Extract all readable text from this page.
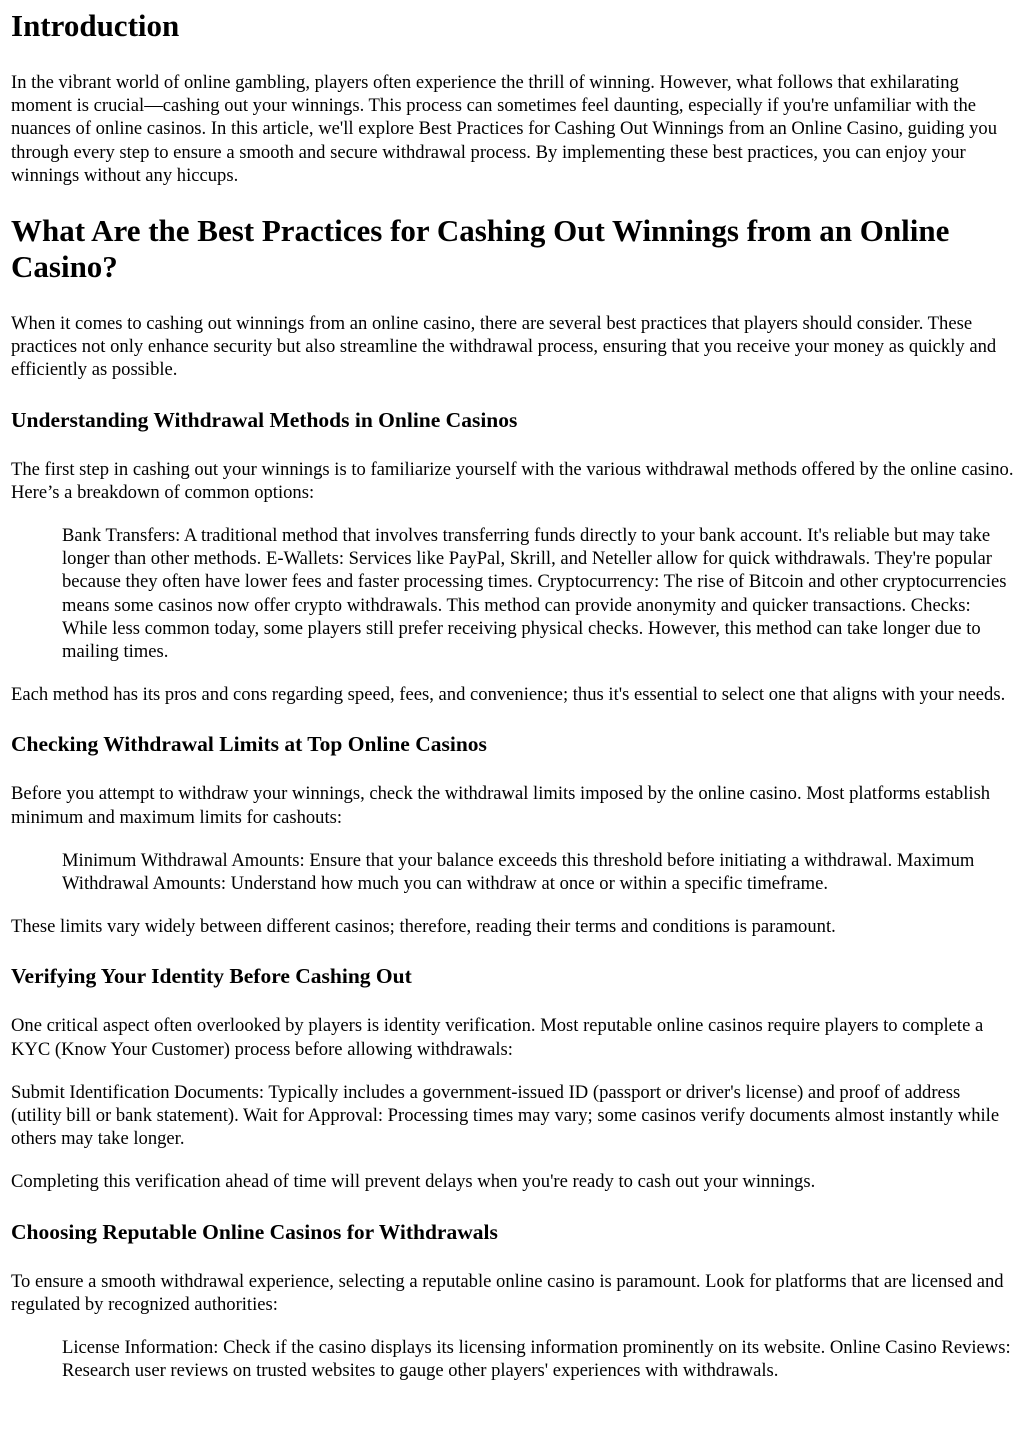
Introduction

In the vibrant world of online gambling, players often experience the thrill of winning. However, what follows that exhilarating moment is crucial—cashing out your winnings. This process can sometimes feel daunting, especially if you're unfamiliar with the nuances of online casinos. In this article, we'll explore Best Practices for Cashing Out Winnings from an Online Casino, guiding you through every step to ensure a smooth and secure withdrawal process. By implementing these best practices, you can enjoy your winnings without any hiccups.

What Are the Best Practices for Cashing Out Winnings from an Online Casino?

When it comes to cashing out winnings from an online casino, there are several best practices that players should consider. These practices not only enhance security but also streamline the withdrawal process, ensuring that you receive your money as quickly and efficiently as possible.

Understanding Withdrawal Methods in Online Casinos

The first step in cashing out your winnings is to familiarize yourself with the various withdrawal methods offered by the online casino. Here’s a breakdown of common options:

Bank Transfers: A traditional method that involves transferring funds directly to your bank account. It's reliable but may take longer than other methods. E-Wallets: Services like PayPal, Skrill, and Neteller allow for quick withdrawals. They're popular because they often have lower fees and faster processing times. Cryptocurrency: The rise of Bitcoin and other cryptocurrencies means some casinos now offer crypto withdrawals. This method can provide anonymity and quicker transactions. Checks: While less common today, some players still prefer receiving physical checks. However, this method can take longer due to mailing times.

Each method has its pros and cons regarding speed, fees, and convenience; thus it's essential to select one that aligns with your needs.

Checking Withdrawal Limits at Top Online Casinos

Before you attempt to withdraw your winnings, check the withdrawal limits imposed by the online casino. Most platforms establish minimum and maximum limits for cashouts:

Minimum Withdrawal Amounts: Ensure that your balance exceeds this threshold before initiating a withdrawal. Maximum Withdrawal Amounts: Understand how much you can withdraw at once or within a specific timeframe.

These limits vary widely between different casinos; therefore, reading their terms and conditions is paramount.

Verifying Your Identity Before Cashing Out

One critical aspect often overlooked by players is identity verification. Most reputable online casinos require players to complete a KYC (Know Your Customer) process before allowing withdrawals:

Submit Identification Documents: Typically includes a government-issued ID (passport or driver's license) and proof of address (utility bill or bank statement). Wait for Approval: Processing times may vary; some casinos verify documents almost instantly while others may take longer.

Completing this verification ahead of time will prevent delays when you're ready to cash out your winnings.

Choosing Reputable Online Casinos for Withdrawals

To ensure a smooth withdrawal experience, selecting a reputable online casino is paramount. Look for platforms that are licensed and regulated by recognized authorities:

License Information: Check if the casino displays its licensing information prominently on its website. Online Casino Reviews: Research user reviews on trusted websites to gauge other players' experiences with withdrawals.
